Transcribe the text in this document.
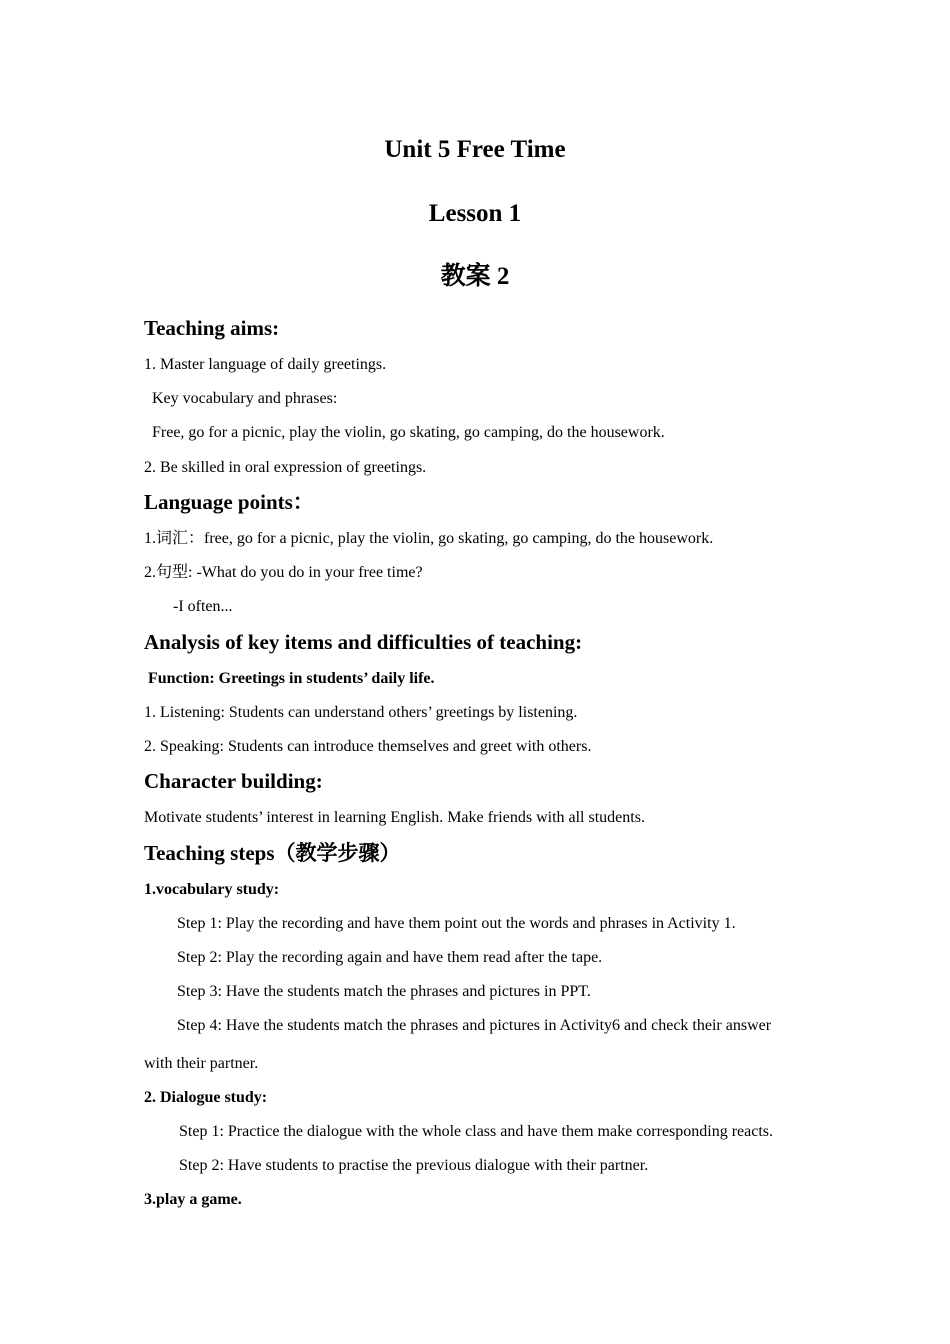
Unit 5 Free Time
Lesson 1
教案 2
Teaching aims:
1. Master language of daily greetings.
Key vocabulary and phrases:
Free, go for a picnic, play the violin, go skating, go camping, do the housework.
2. Be skilled in oral expression of greetings.
Language points：
1.词汇：free, go for a picnic, play the violin, go skating, go camping, do the housework.
2.句型: -What do you do in your free time?
-I often...
Analysis of key items and difficulties of teaching:
Function: Greetings in students’ daily life.
1. Listening: Students can understand others’ greetings by listening.
2. Speaking: Students can introduce themselves and greet with others.
Character building:
Motivate students’ interest in learning English. Make friends with all students.
Teaching steps（教学步骤）
1.vocabulary study:
Step 1: Play the recording and have them point out the words and phrases in Activity 1.
Step 2: Play the recording again and have them read after the tape.
Step 3: Have the students match the phrases and pictures in PPT.
Step 4: Have the students match the phrases and pictures in Activity6 and check their answer
with their partner.
2. Dialogue study:
Step 1: Practice the dialogue with the whole class and have them make corresponding reacts.
Step 2: Have students to practise the previous dialogue with their partner.
3.play a game.
